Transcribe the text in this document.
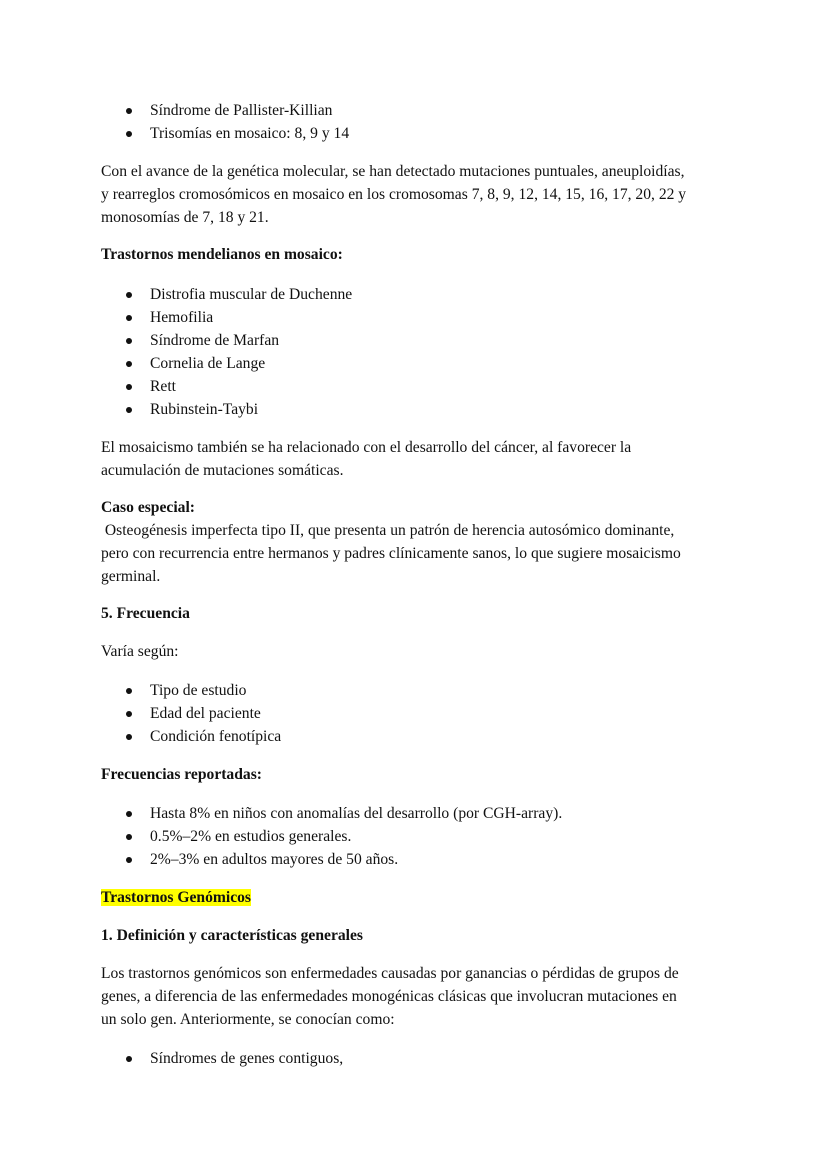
Síndrome de Pallister-Killian
Trisomías en mosaico: 8, 9 y 14

Con el avance de la genética molecular, se han detectado mutaciones puntuales, aneuploidías,
y rearreglos cromosómicos en mosaico en los cromosomas 7, 8, 9, 12, 14, 15, 16, 17, 20, 22 y
monosomías de 7, 18 y 21.

Trastornos mendelianos en mosaico:

Distrofia muscular de Duchenne
Hemofilia
Síndrome de Marfan
Cornelia de Lange
Rett
Rubinstein-Taybi

El mosaicismo también se ha relacionado con el desarrollo del cáncer, al favorecer la
acumulación de mutaciones somáticas.

Caso especial:

Osteogénesis imperfecta tipo II, que presenta un patrón de herencia autosómico dominante,
pero con recurrencia entre hermanos y padres clínicamente sanos, lo que sugiere mosaicismo
germinal.

5. Frecuencia

Varía según:

Tipo de estudio
Edad del paciente
Condición fenotípica

Frecuencias reportadas:

Hasta 8% en niños con anomalías del desarrollo (por CGH-array).
0.5%–2% en estudios generales.
2%–3% en adultos mayores de 50 años.

Trastornos Genómicos

1. Definición y características generales

Los trastornos genómicos son enfermedades causadas por ganancias o pérdidas de grupos de
genes, a diferencia de las enfermedades monogénicas clásicas que involucran mutaciones en
un solo gen. Anteriormente, se conocían como:

Síndromes de genes contiguos,
